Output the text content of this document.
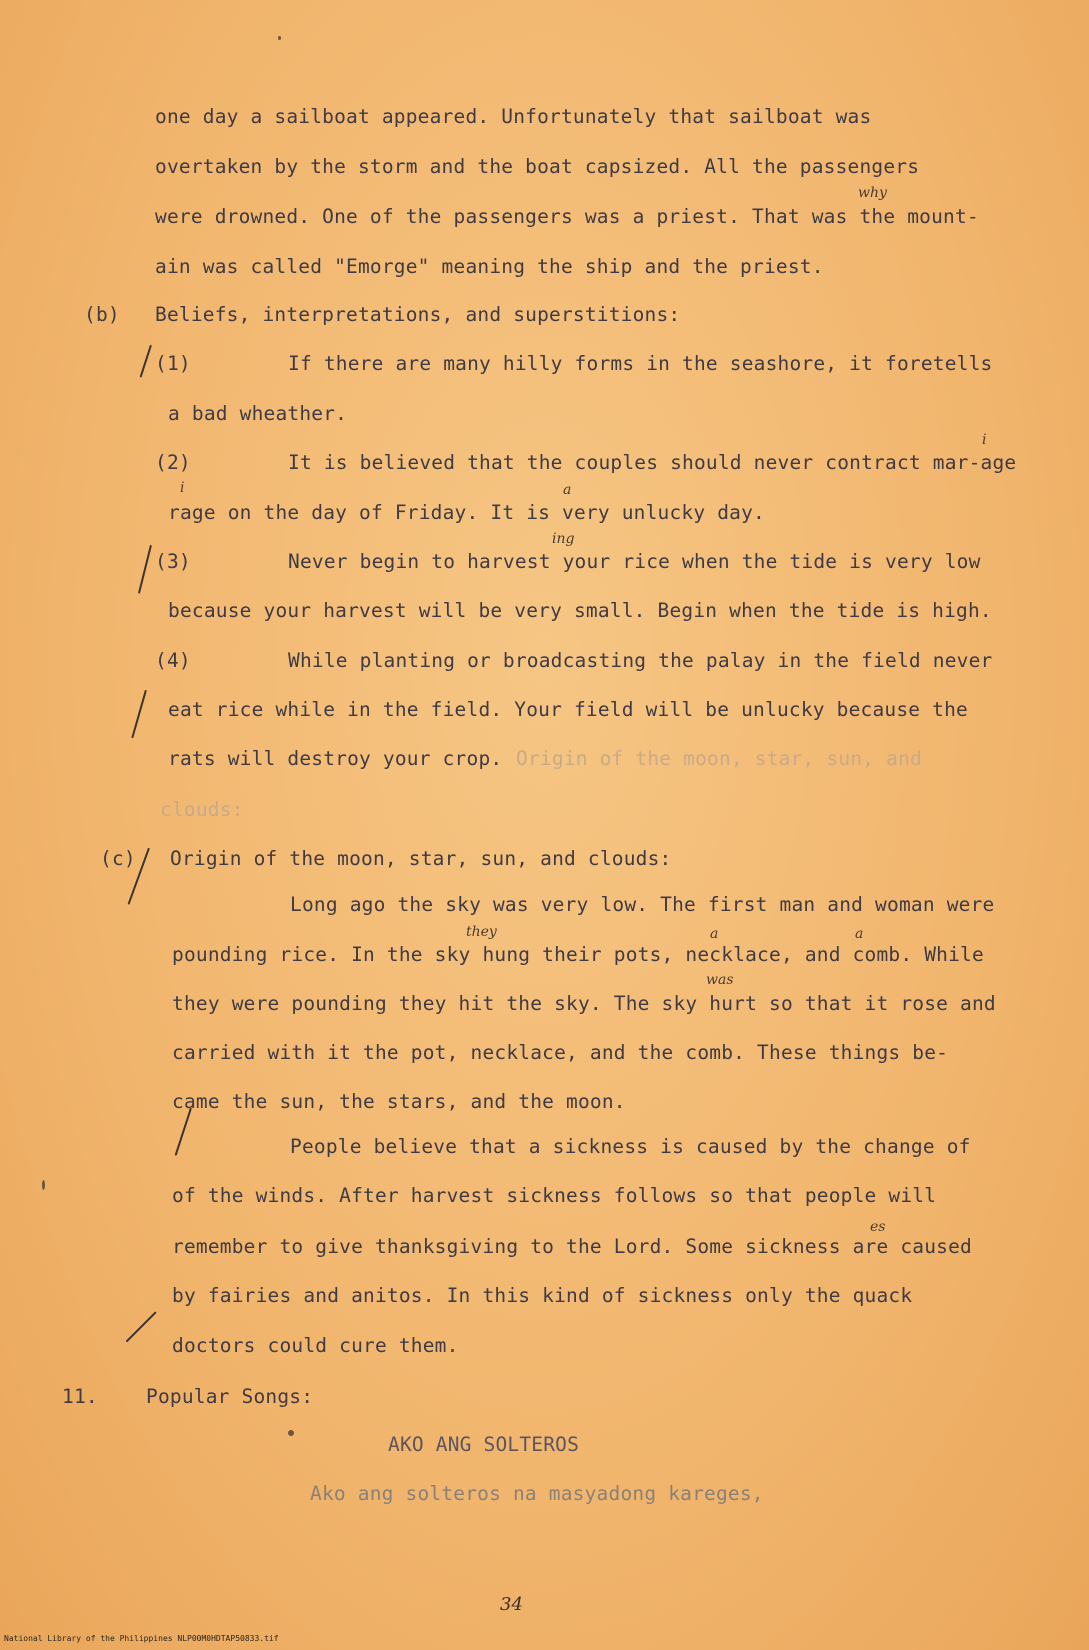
one day a sailboat appeared. Unfortunately that sailboat was
overtaken by the storm and the boat capsized. All the passengers
were drowned. One of the passengers was a priest. That was the mount-
ain was called "Emorge" meaning the ship and the priest.
(b) Beliefs, interpretations, and superstitions:
(1)	If there are many hilly forms in the seashore, it foretells
a bad wheather.
(2)	It is believed that the couples should never contract mar-age
rage on the day of Friday. It is very unlucky day.
(3)	Never begin to harvest your rice when the tide is very low
because your harvest will be very small. Begin when the tide is high.
(4)	While planting or broadcasting the palay in the field never
eat rice while in the field. Your field will be unlucky because the
rats will destroy your crop. Origin of the moon, star, sun, and
clouds:
(c) Origin of the moon, star, sun, and clouds:
Long ago the sky was very low. The first man and woman were
pounding rice. In the sky hung their pots, necklace, and comb. While
they were pounding they hit the sky. The sky hurt so that it rose and
carried with it the pot, necklace, and the comb. These things be-
came the sun, the stars, and the moon.
People believe that a sickness is caused by the change of
of the winds. After harvest sickness follows so that people will
remember to give thanksgiving to the Lord. Some sickness are caused
by fairies and anitos. In this kind of sickness only the quack
doctors could cure them.
11. Popular Songs:
AKO ANG SOLTEROS
Ako ang solteros na masyadong kareges,
why
i
i	a
ing
they	a	a
was
es
34
National Library of the Philippines NLP00M0HDTAP50833.tif
